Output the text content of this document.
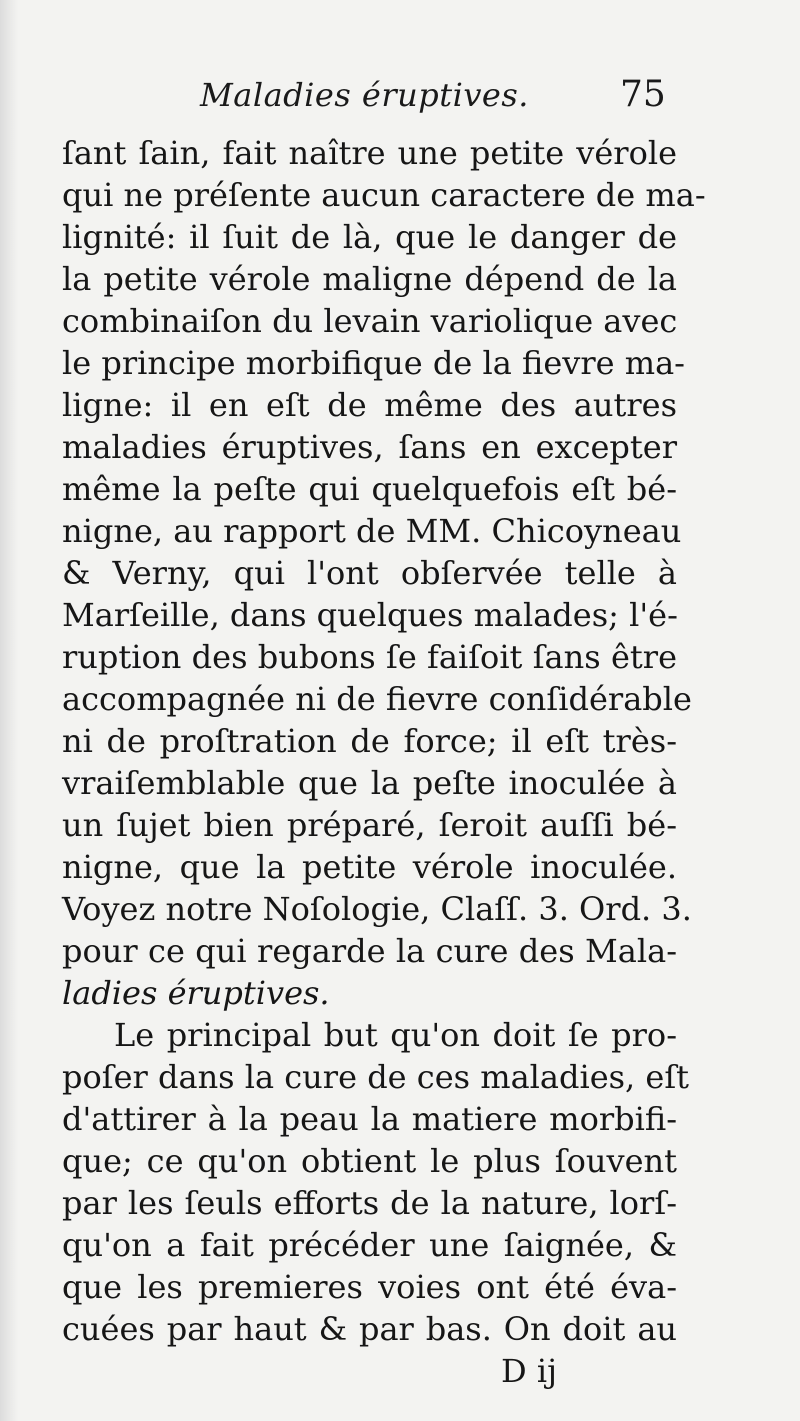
Maladies éruptives.	75
ſant ſain, fait naître une petite vérole
qui ne préſente aucun caractere de ma-
lignité: il ſuit de là, que le danger de
la petite vérole maligne dépend de la
combinaiſon du levain variolique avec
le principe morbifique de la fievre ma-
ligne: il en eſt de même des autres
maladies éruptives, ſans en excepter
même la peſte qui quelquefois eſt bé-
nigne, au rapport de MM. Chicoyneau
& Verny, qui l'ont obſervée telle à
Marſeille, dans quelques malades; l'é-
ruption des bubons ſe faiſoit ſans être
accompagnée ni de fievre conſidérable
ni de proſtration de force; il eſt très-
vraiſemblable que la peſte inoculée à
un ſujet bien préparé, ſeroit auſſi bé-
nigne, que la petite vérole inoculée.
Voyez notre Noſologie, Claſſ. 3. Ord. 3.
pour ce qui regarde la cure des Mala-
ladies éruptives.
Le principal but qu'on doit ſe pro-
poſer dans la cure de ces maladies, eſt
d'attirer à la peau la matiere morbifi-
que; ce qu'on obtient le plus ſouvent
par les ſeuls efforts de la nature, lorſ-
qu'on a fait précéder une ſaignée, &
que les premieres voies ont été éva-
cuées par haut & par bas. On doit au
D ij
